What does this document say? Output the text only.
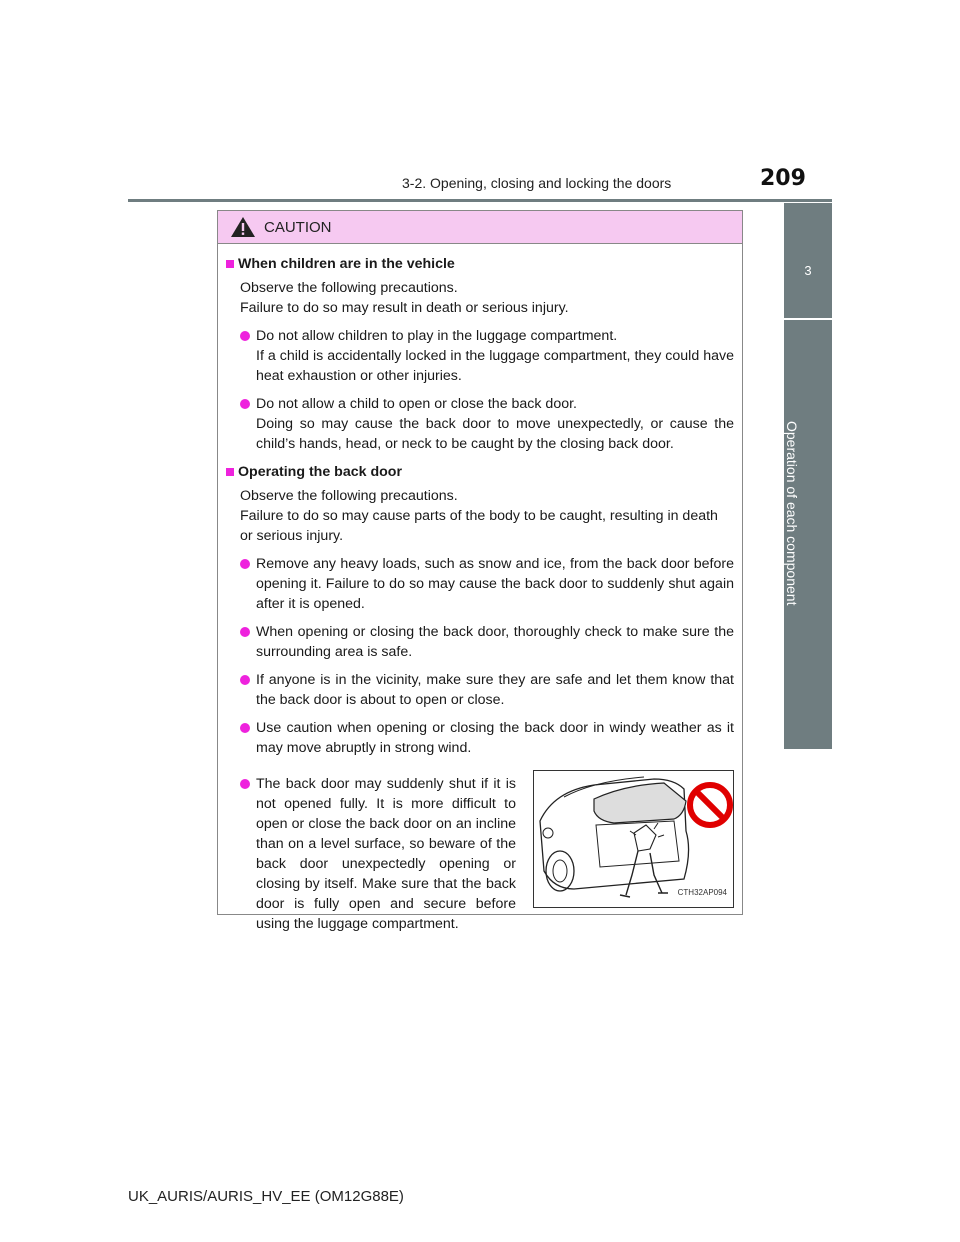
3-2. Opening, closing and locking the doors	209
3
Operation of each component
CAUTION
When children are in the vehicle
Observe the following precautions.
Failure to do so may result in death or serious injury.

Do not allow children to play in the luggage compartment.

If a child is accidentally locked in the luggage compartment, they could have heat exhaustion or other injuries.

Do not allow a child to open or close the back door.

Doing so may cause the back door to move unexpectedly, or cause the child’s hands, head, or neck to be caught by the closing back door.

Operating the back door
Observe the following precautions.
Failure to do so may cause parts of the body to be caught, resulting in death or serious injury.

Remove any heavy loads, such as snow and ice, from the back door before opening it. Failure to do so may cause the back door to suddenly shut again after it is opened.

When opening or closing the back door, thoroughly check to make sure the surrounding area is safe.

If anyone is in the vicinity, make sure they are safe and let them know that the back door is about to open or close.

Use caution when opening or closing the back door in windy weather as it may move abruptly in strong wind.

The back door may suddenly shut if it is not opened fully. It is more difficult to open or close the back door on an incline than on a level surface, so beware of the back door unexpectedly opening or closing by itself. Make sure that the back door is fully open and secure before using the luggage compartment.

CTH32AP094
UK_AURIS/AURIS_HV_EE (OM12G88E)
